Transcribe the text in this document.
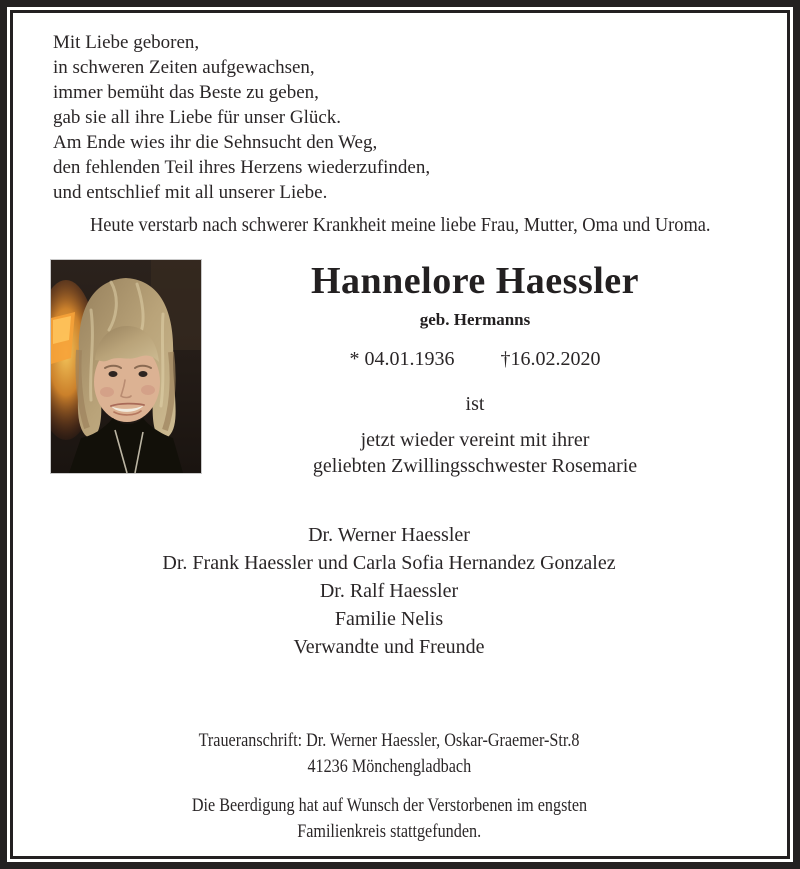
Mit Liebe geboren,
in schweren Zeiten aufgewachsen,
immer bemüht das Beste zu geben,
gab sie all ihre Liebe für unser Glück.
Am Ende wies ihr die Sehnsucht den Weg,
den fehlenden Teil ihres Herzens wiederzufinden,
und entschlief mit all unserer Liebe.
Heute verstarb nach schwerer Krankheit meine liebe Frau, Mutter, Oma und Uroma.
Hannelore Haessler
geb. Hermanns
* 04.01.1936 †16.02.2020
ist
jetzt wieder vereint mit ihrer
geliebten Zwillingsschwester Rosemarie
Dr. Werner Haessler
Dr. Frank Haessler und Carla Sofia Hernandez Gonzalez
Dr. Ralf Haessler
Familie Nelis
Verwandte und Freunde
Traueranschrift: Dr. Werner Haessler, Oskar-Graemer-Str.8
41236 Mönchengladbach
Die Beerdigung hat auf Wunsch der Verstorbenen im engsten
Familienkreis stattgefunden.
